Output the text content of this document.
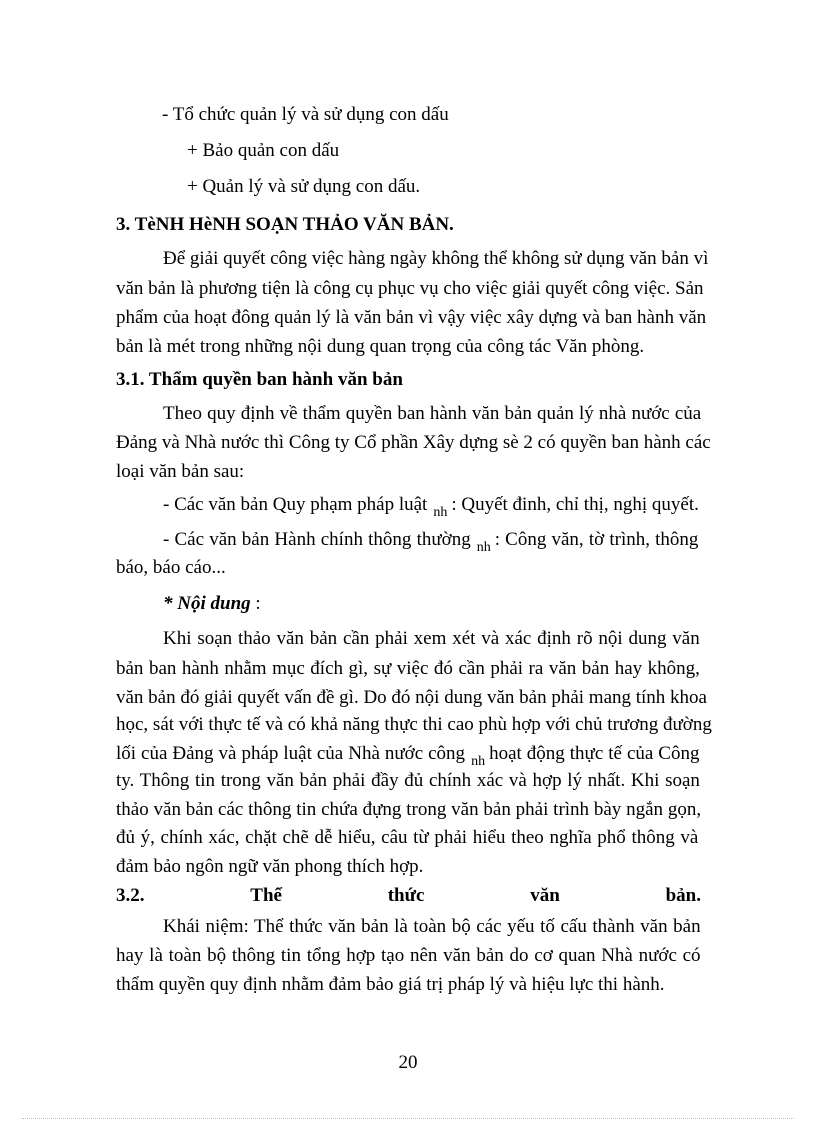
- Tổ chức quản lý và sử dụng con dấu
+ Bảo quản con dấu
+ Quản lý và sử dụng con dấu.
3. TèNH HèNH SOẠN THẢO VĂN BẢN.
Để giải quyết công việc hàng ngày không thể không sử dụng văn bản vì
văn bản là phương tiện là công cụ phục vụ cho việc giải quyết công việc. Sản
phẩm của hoạt đông quản lý là văn bản vì vậy việc xây dựng và ban hành văn
bản là mét trong những nội dung quan trọng của công tác Văn phòng.
3.1. Thẩm quyền ban hành văn bản
Theo quy định về thẩm quyền ban hành văn bản quản lý nhà nước của
Đảng và Nhà nước thì Công ty Cổ phần Xây dựng sè 2 có quyền ban hành các
loại văn bản sau:
- Các văn bản Quy phạm pháp luật $_{nh}$ : Quyết đinh, chỉ thị, nghị quyết.
- Các văn bản Hành chính thông thường $_{nh}$ : Công văn, tờ trình, thông
báo, báo cáo...
* Nội dung :
Khi soạn thảo văn bản cần phải xem xét và xác định rõ nội dung văn
bản ban hành nhằm mục đích gì, sự việc đó cần phải ra văn bản hay không,
văn bản đó giải quyết vấn đề gì. Do đó nội dung văn bản phải mang tính khoa
học, sát với thực tế và có khả năng thực thi cao phù hợp với chủ trương đường
lối của Đảng và pháp luật của Nhà nước công $_{nh}$ hoạt động thực tế của Công
ty. Thông tin trong văn bản phải đầy đủ chính xác và hợp lý nhất. Khi soạn
thảo văn bản các thông tin chứa đựng trong văn bản phải trình bày ngắn gọn,
đủ ý, chính xác, chặt chẽ dễ hiểu, câu từ phải hiểu theo nghĩa phổ thông và
đảm bảo ngôn ngữ văn phong thích hợp.
3.2.	Thể	thức	văn	bản.
Khái niệm: Thể thức văn bản là toàn bộ các yếu tố cấu thành văn bản
hay là toàn bộ thông tin tổng hợp tạo nên văn bản do cơ quan Nhà nước có
thẩm quyền quy định nhằm đảm bảo giá trị pháp lý và hiệu lực thi hành.
20
